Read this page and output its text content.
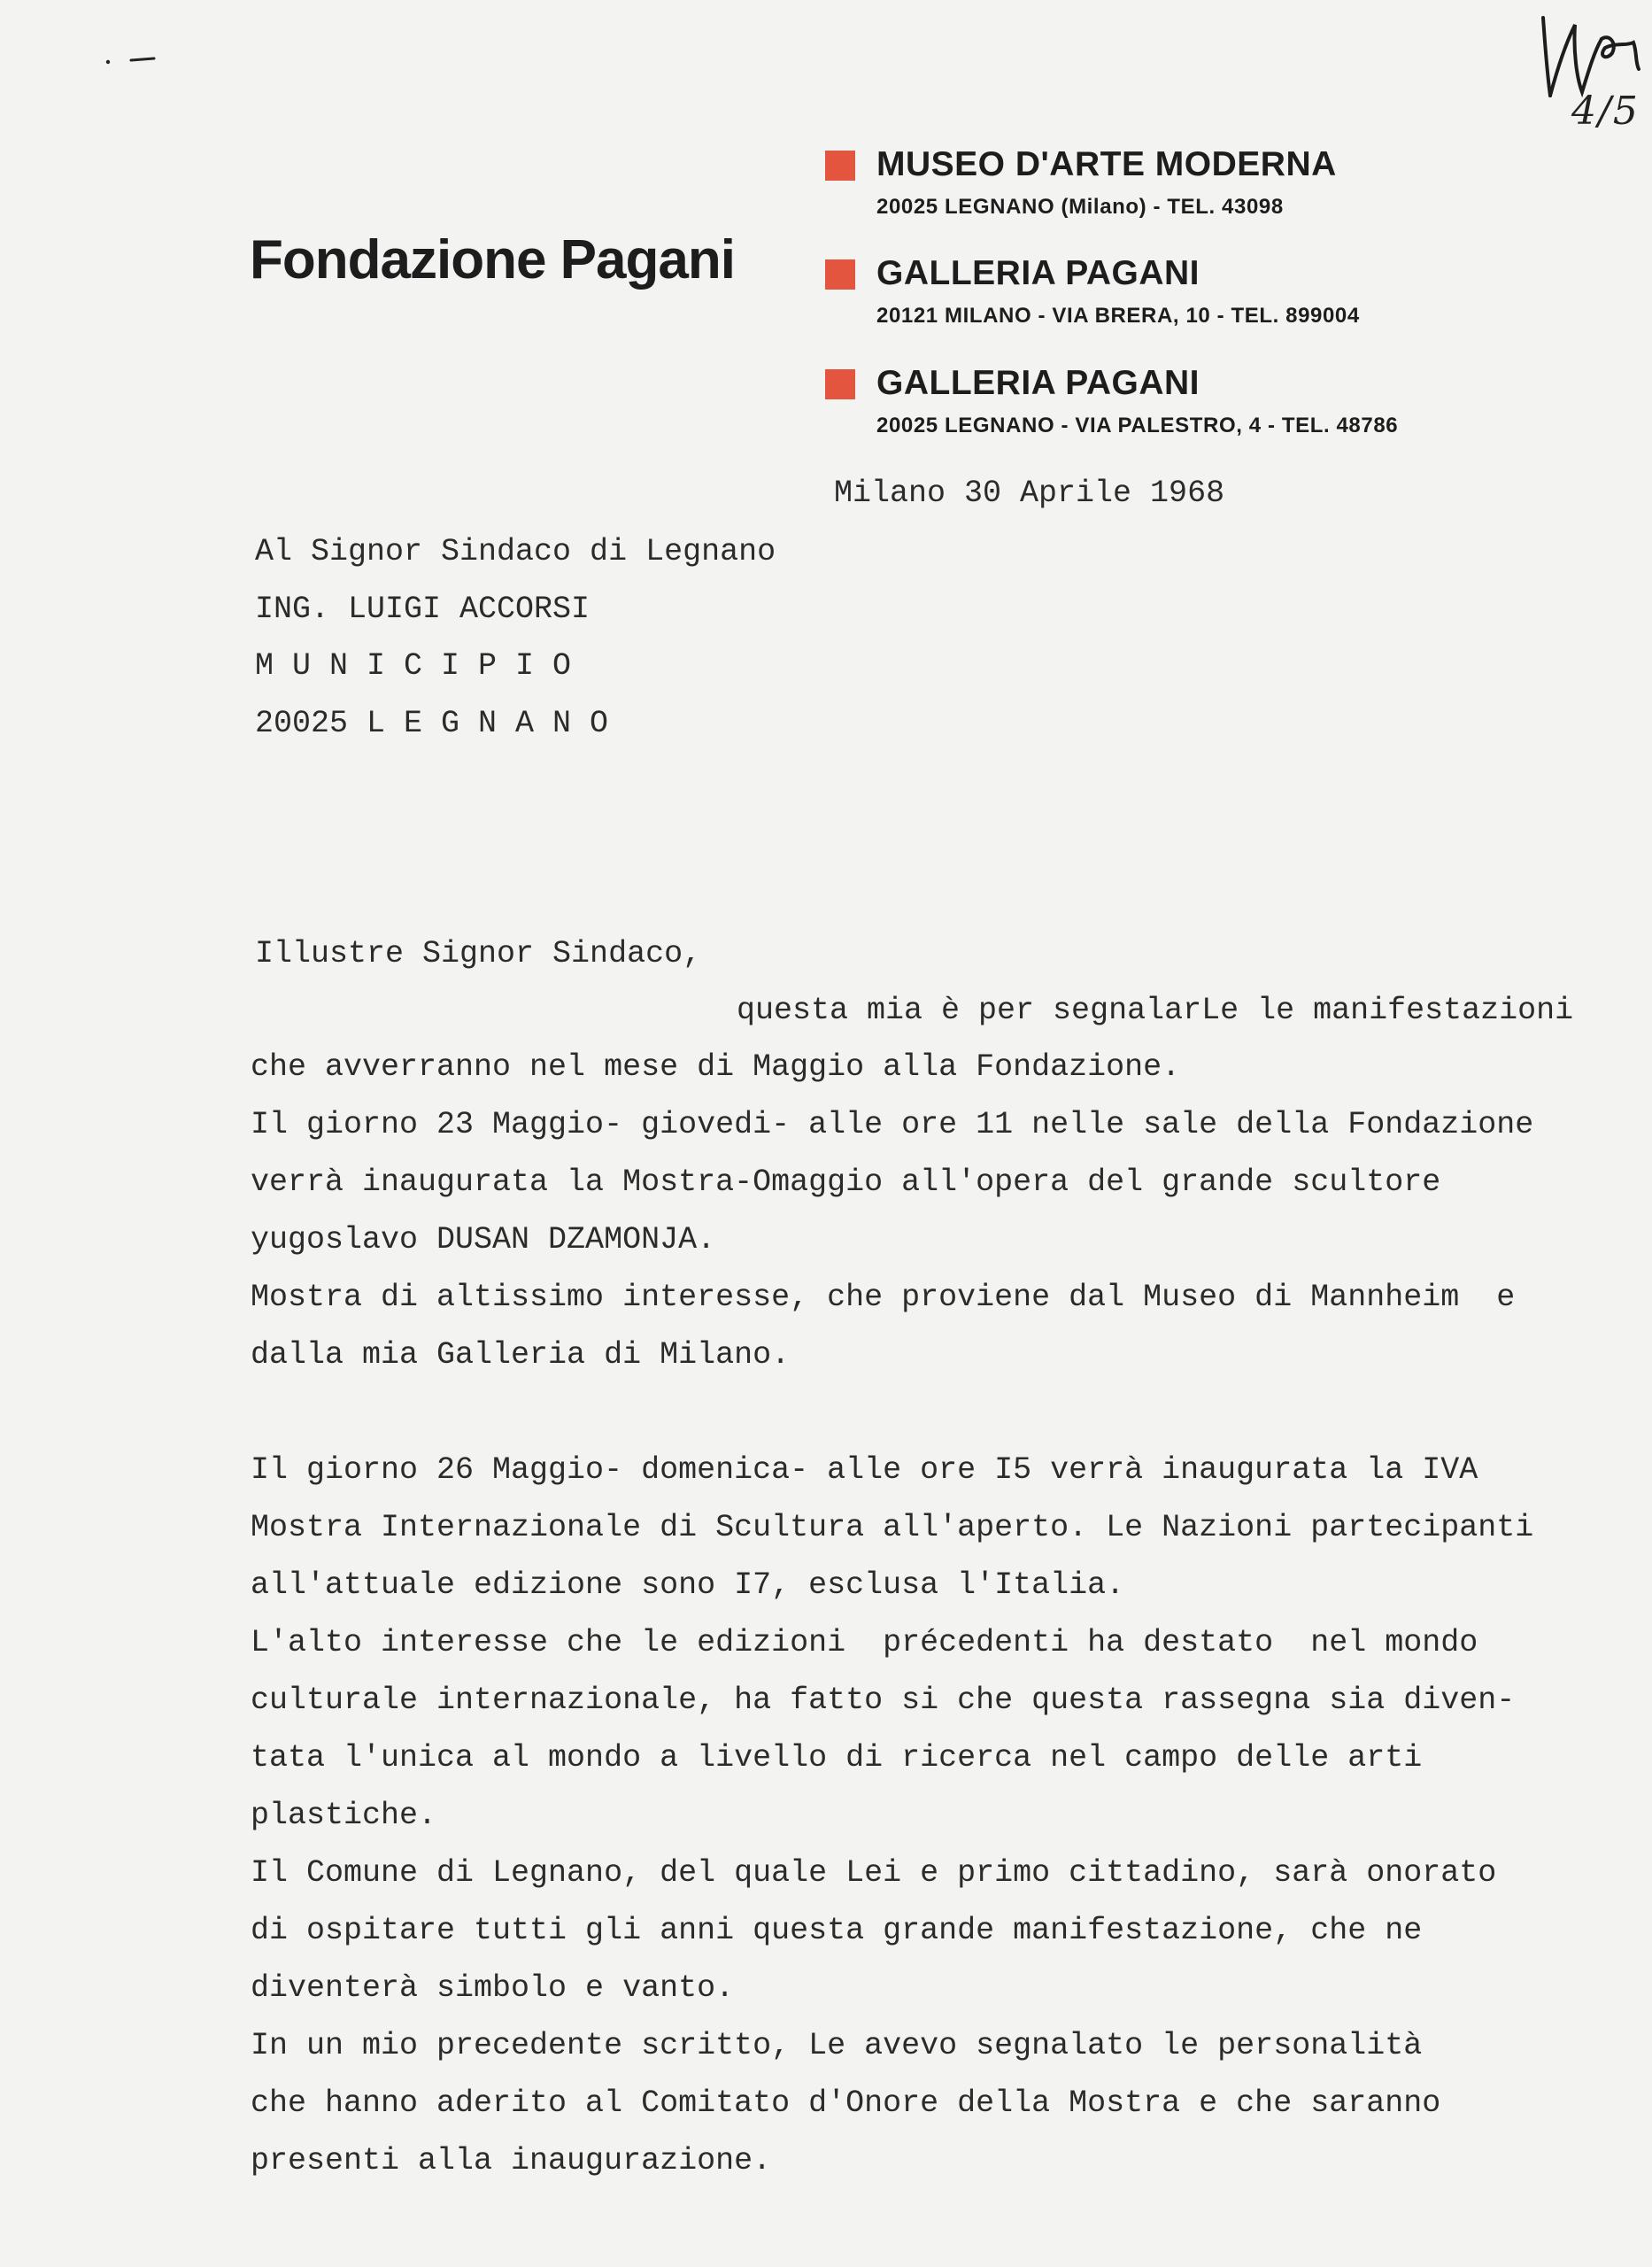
4/5
Fondazione Pagani
MUSEO D'ARTE MODERNA
20025 LEGNANO (Milano) - TEL. 43098
GALLERIA PAGANI
20121 MILANO - VIA BRERA, 10 - TEL. 899004
GALLERIA PAGANI
20025 LEGNANO - VIA PALESTRO, 4 - TEL. 48786
Milano 30 Aprile 1968
Al Signor Sindaco di Legnano
ING. LUIGI ACCORSI
M U N I C I P I O
20025 L E G N A N O
Illustre Signor Sindaco,
questa mia è per segnalarLe le manifestazioni
che avverranno nel mese di Maggio alla Fondazione.
Il giorno 23 Maggio- giovedi- alle ore 11 nelle sale della Fondazione
verrà inaugurata la Mostra-Omaggio all'opera del grande scultore
yugoslavo DUSAN DZAMONJA.
Mostra di altissimo interesse, che proviene dal Museo di Mannheim  e
dalla mia Galleria di Milano.
Il giorno 26 Maggio- domenica- alle ore I5 verrà inaugurata la IVA
Mostra Internazionale di Scultura all'aperto. Le Nazioni partecipanti
all'attuale edizione sono I7, esclusa l'Italia.
L'alto interesse che le edizioni  précedenti ha destato  nel mondo
culturale internazionale, ha fatto si che questa rassegna sia diven-
tata l'unica al mondo a livello di ricerca nel campo delle arti
plastiche.
Il Comune di Legnano, del quale Lei e primo cittadino, sarà onorato
di ospitare tutti gli anni questa grande manifestazione, che ne
diventerà simbolo e vanto.
In un mio precedente scritto, Le avevo segnalato le personalità
che hanno aderito al Comitato d'Onore della Mostra e che saranno
presenti alla inaugurazione.
